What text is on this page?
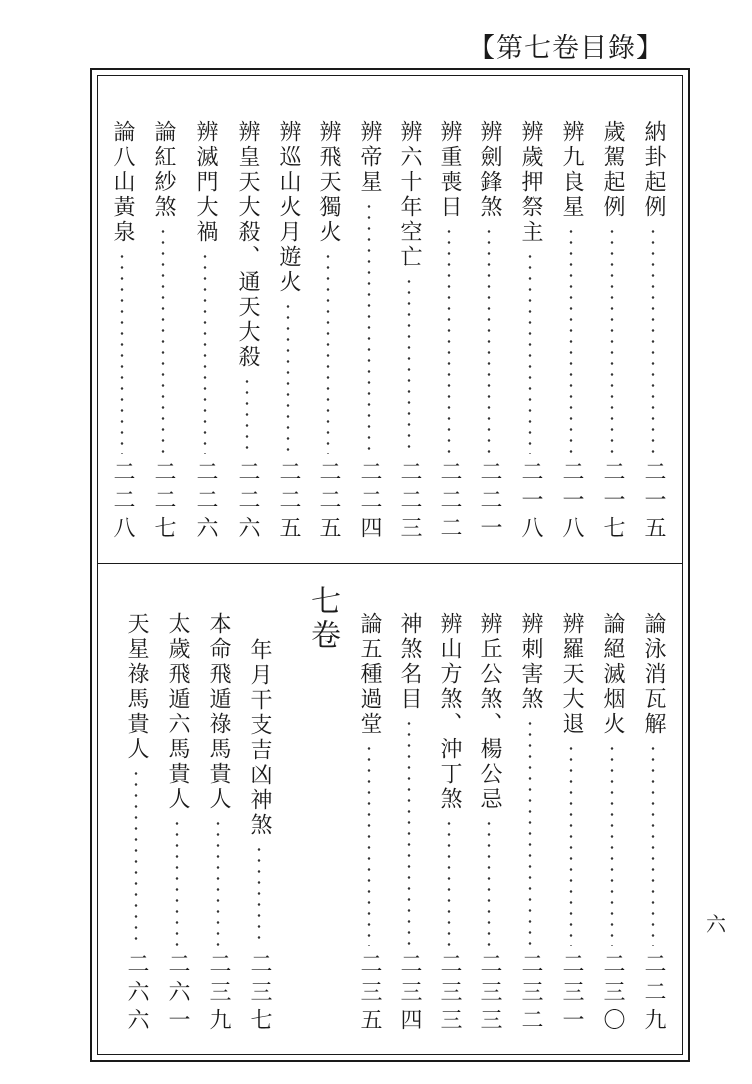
【第七卷目錄】
納卦起例
二一五
歲駕起例
二一七
辨九良星
二一八
辨歲押祭主
二一八
辨劍鋒煞
二二一
辨重喪日
二二二
辨六十年空亡
二二三
辨帝星
二二四
辨飛天獨火
二二五
辨巡山火月遊火
二二五
辨皇天大殺、通天大殺
二二六
辨滅門大禍
二二六
論紅紗煞
二二七
論八山黃泉
二二八
論泳消瓦解
二二九
論絕滅烟火
二三〇
辨羅天大退
二三一
辨刺害煞
二三二
辨丘公煞、楊公忌
二三三
辨山方煞、沖丁煞
二三三
神煞名目
二三四
論五種過堂
二三五
七卷
年月干支吉凶神煞
二三七
本命飛遁祿馬貴人
二三九
太歲飛遁六馬貴人
二六一
天星祿馬貴人
二六六
六
